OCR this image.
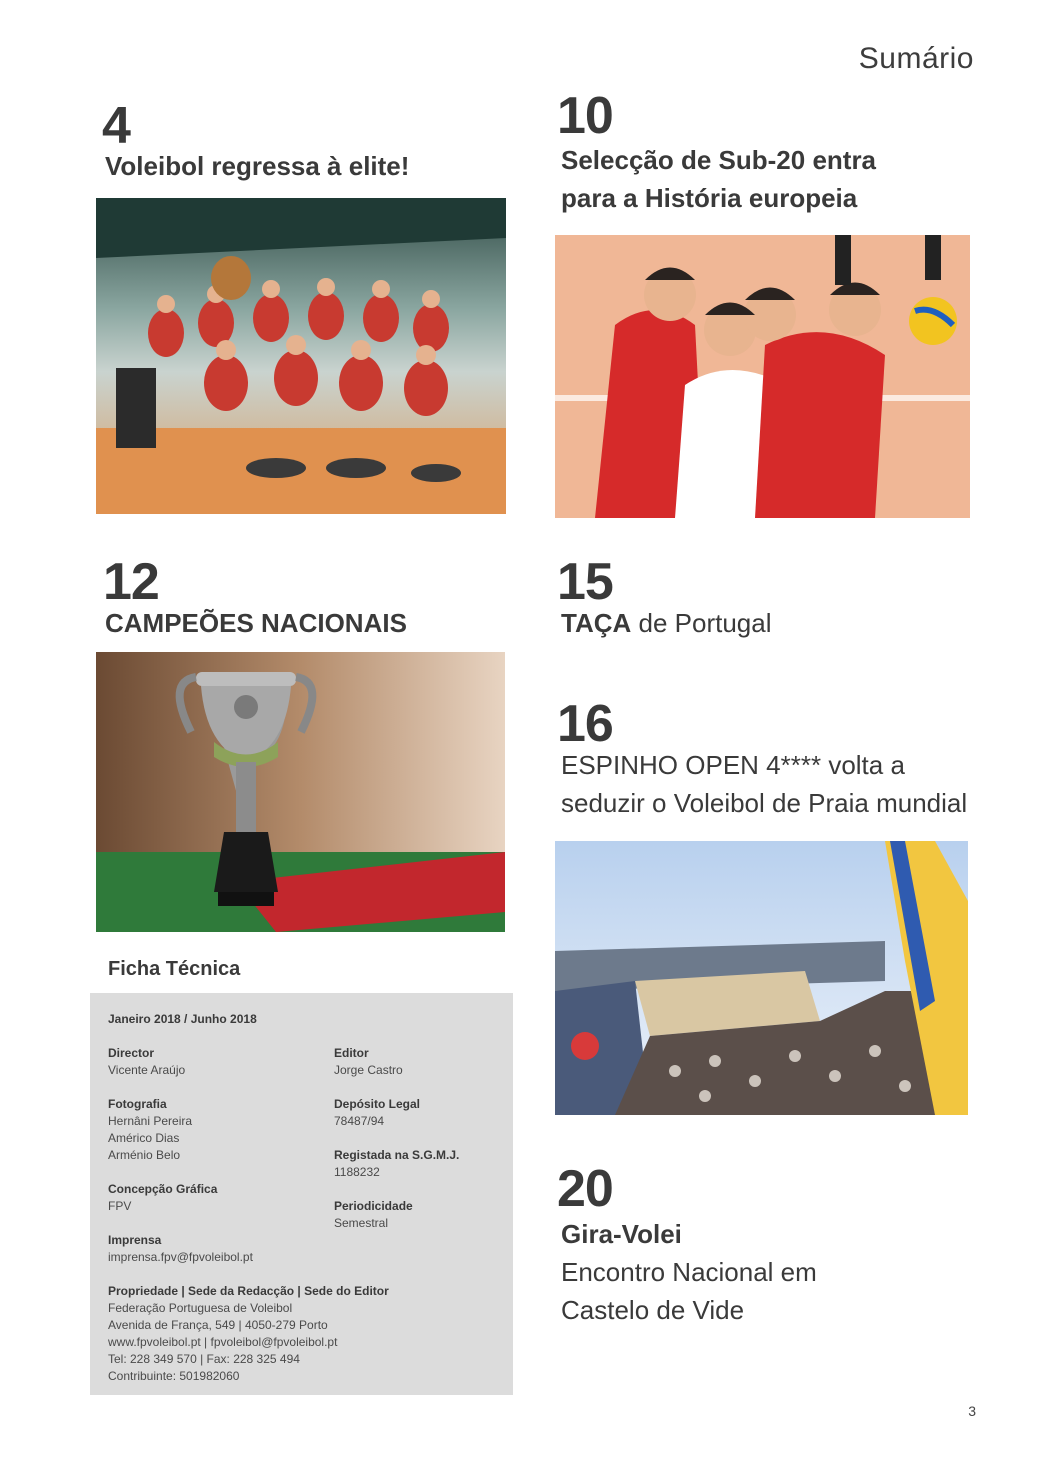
Sumário
4
Voleibol regressa à elite!
10
Selecção de Sub-20 entra
para a História europeia
12
CAMPEÕES NACIONAIS
15
TAÇA de Portugal
16
ESPINHO OPEN 4**** volta a
seduzir o Voleibol de Praia mundial
20
Gira-Volei
Encontro Nacional em
Castelo de Vide
Ficha Técnica
Janeiro 2018 / Junho 2018
Director
Vicente Araújo
Editor
Jorge Castro
Fotografia
Hernâni Pereira
Américo Dias
Arménio Belo
Depósito Legal
78487/94
Registada na S.G.M.J.
1188232
Concepção Gráfica
FPV	Periodicidade
Semestral
Imprensa
imprensa.fpv@fpvoleibol.pt
Propriedade | Sede da Redacção | Sede do Editor
Federação Portuguesa de Voleibol
Avenida de França, 549 | 4050-279 Porto
www.fpvoleibol.pt | fpvoleibol@fpvoleibol.pt
Tel: 228 349 570 | Fax: 228 325 494
Contribuinte: 501982060
3
